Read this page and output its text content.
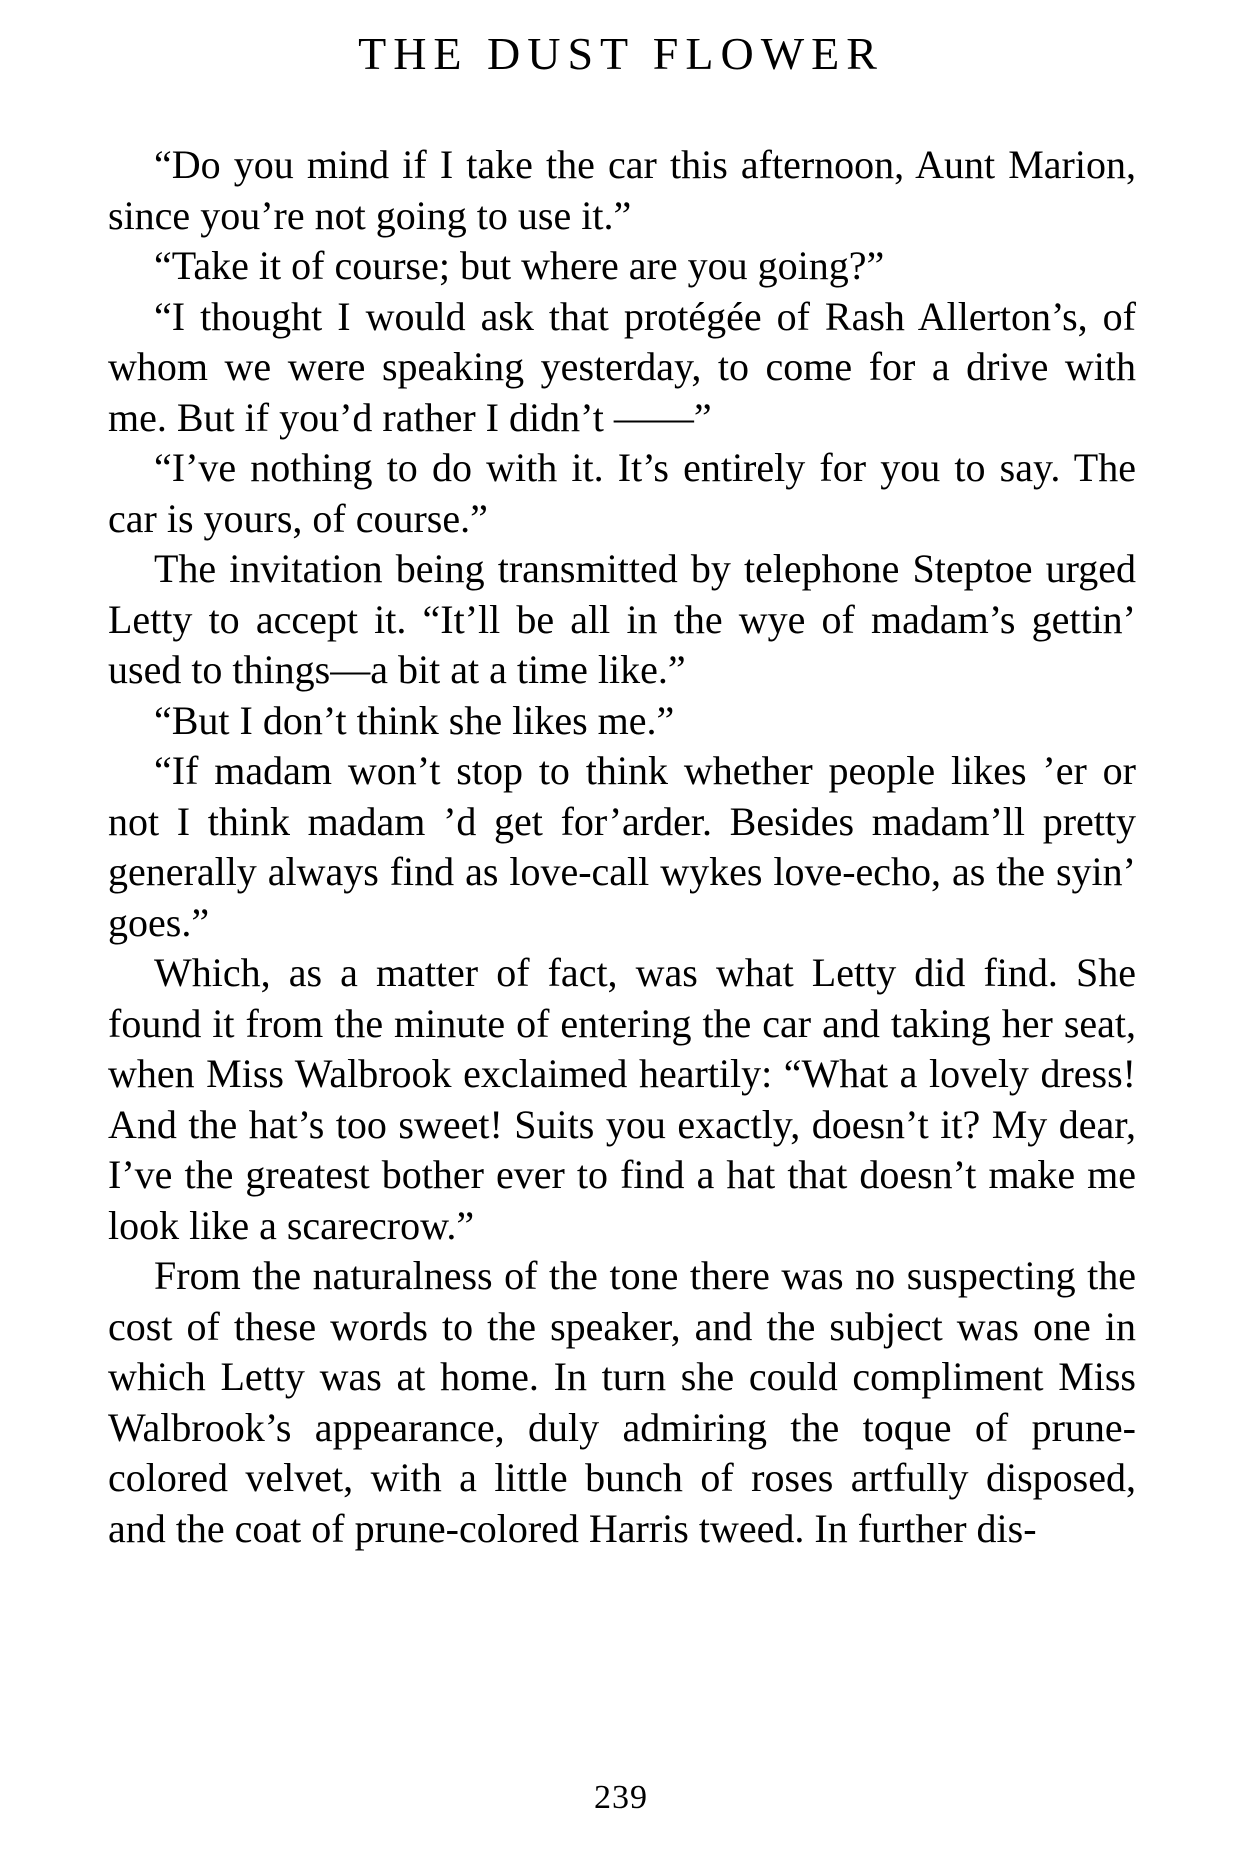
THE DUST FLOWER

“Do you mind if I take the car this afternoon, Aunt Marion, since you’re not going to use it.”

“Take it of course; but where are you going?”

“I thought I would ask that protégée of Rash Allerton’s, of whom we were speaking yesterday, to come for a drive with me. But if you’d rather I didn’t ——”

“I’ve nothing to do with it. It’s entirely for you to say. The car is yours, of course.”

The invitation being transmitted by telephone Steptoe urged Letty to accept it. “It’ll be all in the wye of madam’s gettin’ used to things—a bit at a time like.”

“But I don’t think she likes me.”

“If madam won’t stop to think whether people likes ’er or not I think madam ’d get for’arder. Besides madam’ll pretty generally always find as love-call wykes love-echo, as the syin’ goes.”

Which, as a matter of fact, was what Letty did find. She found it from the minute of entering the car and taking her seat, when Miss Walbrook exclaimed heartily: “What a lovely dress! And the hat’s too sweet! Suits you exactly, doesn’t it? My dear, I’ve the greatest bother ever to find a hat that doesn’t make me look like a scarecrow.”

From the naturalness of the tone there was no suspecting the cost of these words to the speaker, and the subject was one in which Letty was at home. In turn she could compliment Miss Walbrook’s appearance, duly admiring the toque of prune-colored velvet, with a little bunch of roses artfully disposed, and the coat of prune-colored Harris tweed. In further dis-

239
